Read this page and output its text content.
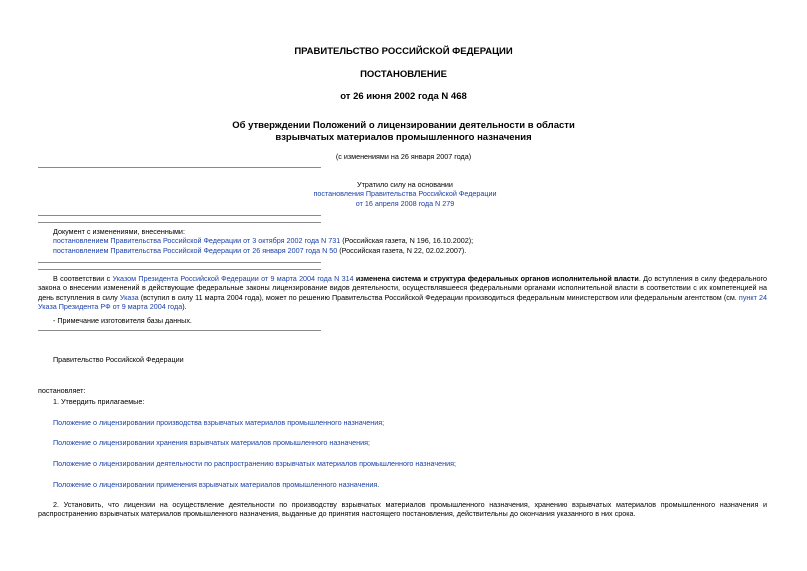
ПРАВИТЕЛЬСТВО РОССИЙСКОЙ ФЕДЕРАЦИИ
ПОСТАНОВЛЕНИЕ
от 26 июня 2002 года N 468
Об утверждении Положений о лицензировании деятельности в области
взрывчатых материалов промышленного назначения
(с изменениями на 26 января 2007 года)
Утратило силу на основании
постановления Правительства Российской Федерации
от 16 апреля 2008 года N 279
Документ с изменениями, внесенными:
постановлением Правительства Российской Федерации от 3 октября 2002 года N 731 (Российская газета, N 196, 16.10.2002);
постановлением Правительства Российской Федерации от 26 января 2007 года N 50 (Российская газета, N 22, 02.02.2007).
В соответствии с Указом Президента Российской Федерации от 9 марта 2004 года N 314 изменена система и структура федеральных органов исполнительной власти. До вступления в силу федерального закона о внесении изменений в действующие федеральные законы лицензирование видов деятельности, осуществлявшееся федеральными органами исполнительной власти в соответствии с их компетенцией на день вступления в силу Указа (вступил в силу 11 марта 2004 года), может по решению Правительства Российской Федерации производиться федеральным министерством или федеральным агентством (см. пункт 24 Указа Президента РФ от 9 марта 2004 года).
- Примечание изготовителя базы данных.
Правительство Российской Федерации
постановляет:
1. Утвердить прилагаемые:
Положение о лицензировании производства взрывчатых материалов промышленного назначения;
Положение о лицензировании хранения взрывчатых материалов промышленного назначения;
Положение о лицензировании деятельности по распространению взрывчатых материалов промышленного назначения;
Положение о лицензировании применения взрывчатых материалов промышленного назначения.
2. Установить, что лицензии на осуществление деятельности по производству взрывчатых материалов промышленного назначения, хранению взрывчатых материалов промышленного назначения и распространению взрывчатых материалов промышленного назначения, выданные до принятия настоящего постановления, действительны до окончания указанного в них срока.
